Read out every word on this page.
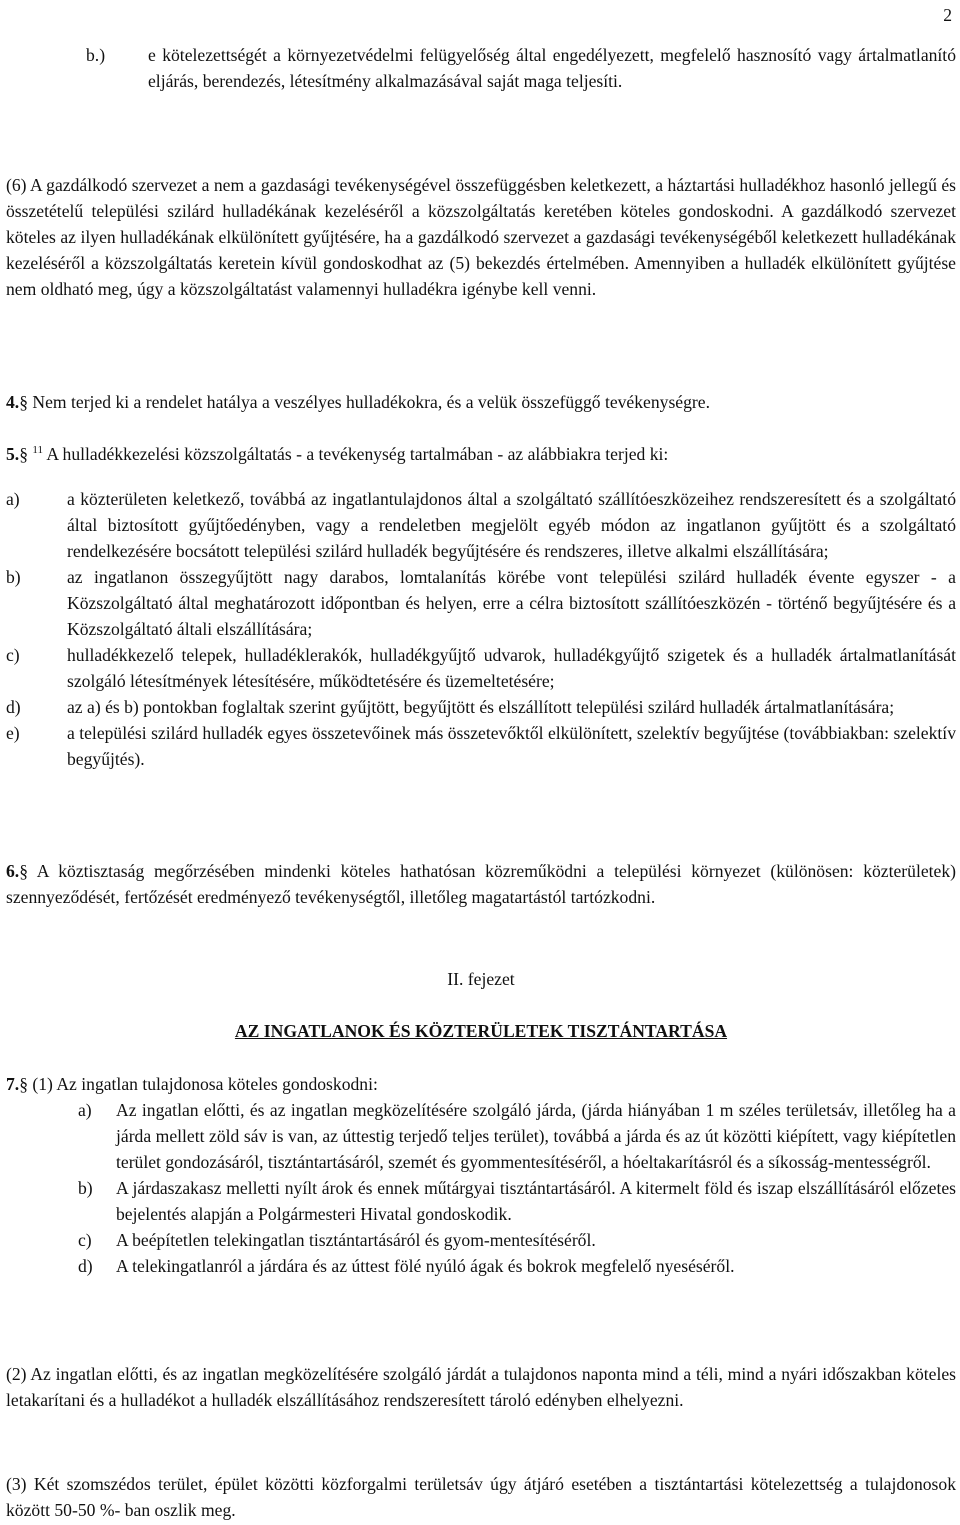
2
b.) e kötelezettségét a környezetvédelmi felügyelőség által engedélyezett, megfelelő hasznosító vagy ártalmatlanító eljárás, berendezés, létesítmény alkalmazásával saját maga teljesíti.

(6) A gazdálkodó szervezet a nem a gazdasági tevékenységével összefüggésben keletkezett, a háztartási hulladékhoz hasonló jellegű és összetételű települési szilárd hulladékának kezeléséről a közszolgáltatás keretében köteles gondoskodni. A gazdálkodó szervezet köteles az ilyen hulladékának elkülönített gyűjtésére, ha a gazdálkodó szervezet a gazdasági tevékenységéből keletkezett hulladékának kezeléséről a közszolgáltatás keretein kívül gondoskodhat az (5) bekezdés értelmében. Amennyiben a hulladék elkülönített gyűjtése nem oldható meg, úgy a közszolgáltatást valamennyi hulladékra igénybe kell venni.

4.§ Nem terjed ki a rendelet hatálya a veszélyes hulladékokra, és a velük összefüggő tevékenységre.

5.§ $^{11}$ A hulladékkezelési közszolgáltatás - a tevékenység tartalmában - az alábbiakra terjed ki:

a)	a közterületen keletkező, továbbá az ingatlantulajdonos által a szolgáltató szállítóeszközeihez rendszeresített és a szolgáltató által biztosított gyűjtőedényben, vagy a rendeletben megjelölt egyéb módon az ingatlanon gyűjtött és a szolgáltató rendelkezésére bocsátott települési szilárd hulladék begyűjtésére és rendszeres, illetve alkalmi elszállítására;

b)	az ingatlanon összegyűjtött nagy darabos, lomtalanítás körébe vont települési szilárd hulladék évente egyszer - a Közszolgáltató által meghatározott időpontban és helyen, erre a célra biztosított szállítóeszközén - történő begyűjtésére és a Közszolgáltató általi elszállítására;

c)	hulladékkezelő telepek, hulladéklerakók, hulladékgyűjtő udvarok, hulladékgyűjtő szigetek és a hulladék ártalmatlanítását szolgáló létesítmények létesítésére, működtetésére és üzemeltetésére;

d)	az a) és b) pontokban foglaltak szerint gyűjtött, begyűjtött és elszállított települési szilárd hulladék ártalmatlanítására;

e)	a települési szilárd hulladék egyes összetevőinek más összetevőktől elkülönített, szelektív begyűjtése (továbbiakban: szelektív begyűjtés).

6.§ A köztisztaság megőrzésében mindenki köteles hathatósan közreműködni a települési környezet (különösen: közterületek) szennyeződését, fertőzését eredményező tevékenységtől, illetőleg magatartástól tartózkodni.

II. fejezet
AZ INGATLANOK ÉS KÖZTERÜLETEK TISZTÁNTARTÁSA

7.§ (1) Az ingatlan tulajdonosa köteles gondoskodni:

a) Az ingatlan előtti, és az ingatlan megközelítésére szolgáló járda, (járda hiányában 1 m széles területsáv, illetőleg ha a járda mellett zöld sáv is van, az úttestig terjedő teljes terület), továbbá a járda és az út közötti kiépített, vagy kiépítetlen terület gondozásáról, tisztántartásáról, szemét és gyommentesítéséről, a hóeltakarításról és a síkosság-mentességről.

b) A járdaszakasz melletti nyílt árok és ennek műtárgyai tisztántartásáról. A kitermelt föld és iszap elszállításáról előzetes bejelentés alapján a Polgármesteri Hivatal gondoskodik.

c) A beépítetlen telekingatlan tisztántartásáról és gyom-mentesítéséről.

d) A telekingatlanról a járdára és az úttest fölé nyúló ágak és bokrok megfelelő nyeséséről.

(2) Az ingatlan előtti, és az ingatlan megközelítésére szolgáló járdát a tulajdonos naponta mind a téli, mind a nyári időszakban köteles letakarítani és a hulladékot a hulladék elszállításához rendszeresített tároló edényben elhelyezni.

(3) Két szomszédos terület, épület közötti közforgalmi területsáv úgy átjáró esetében a tisztántartási kötelezettség a tulajdonosok között 50-50 %- ban oszlik meg.
